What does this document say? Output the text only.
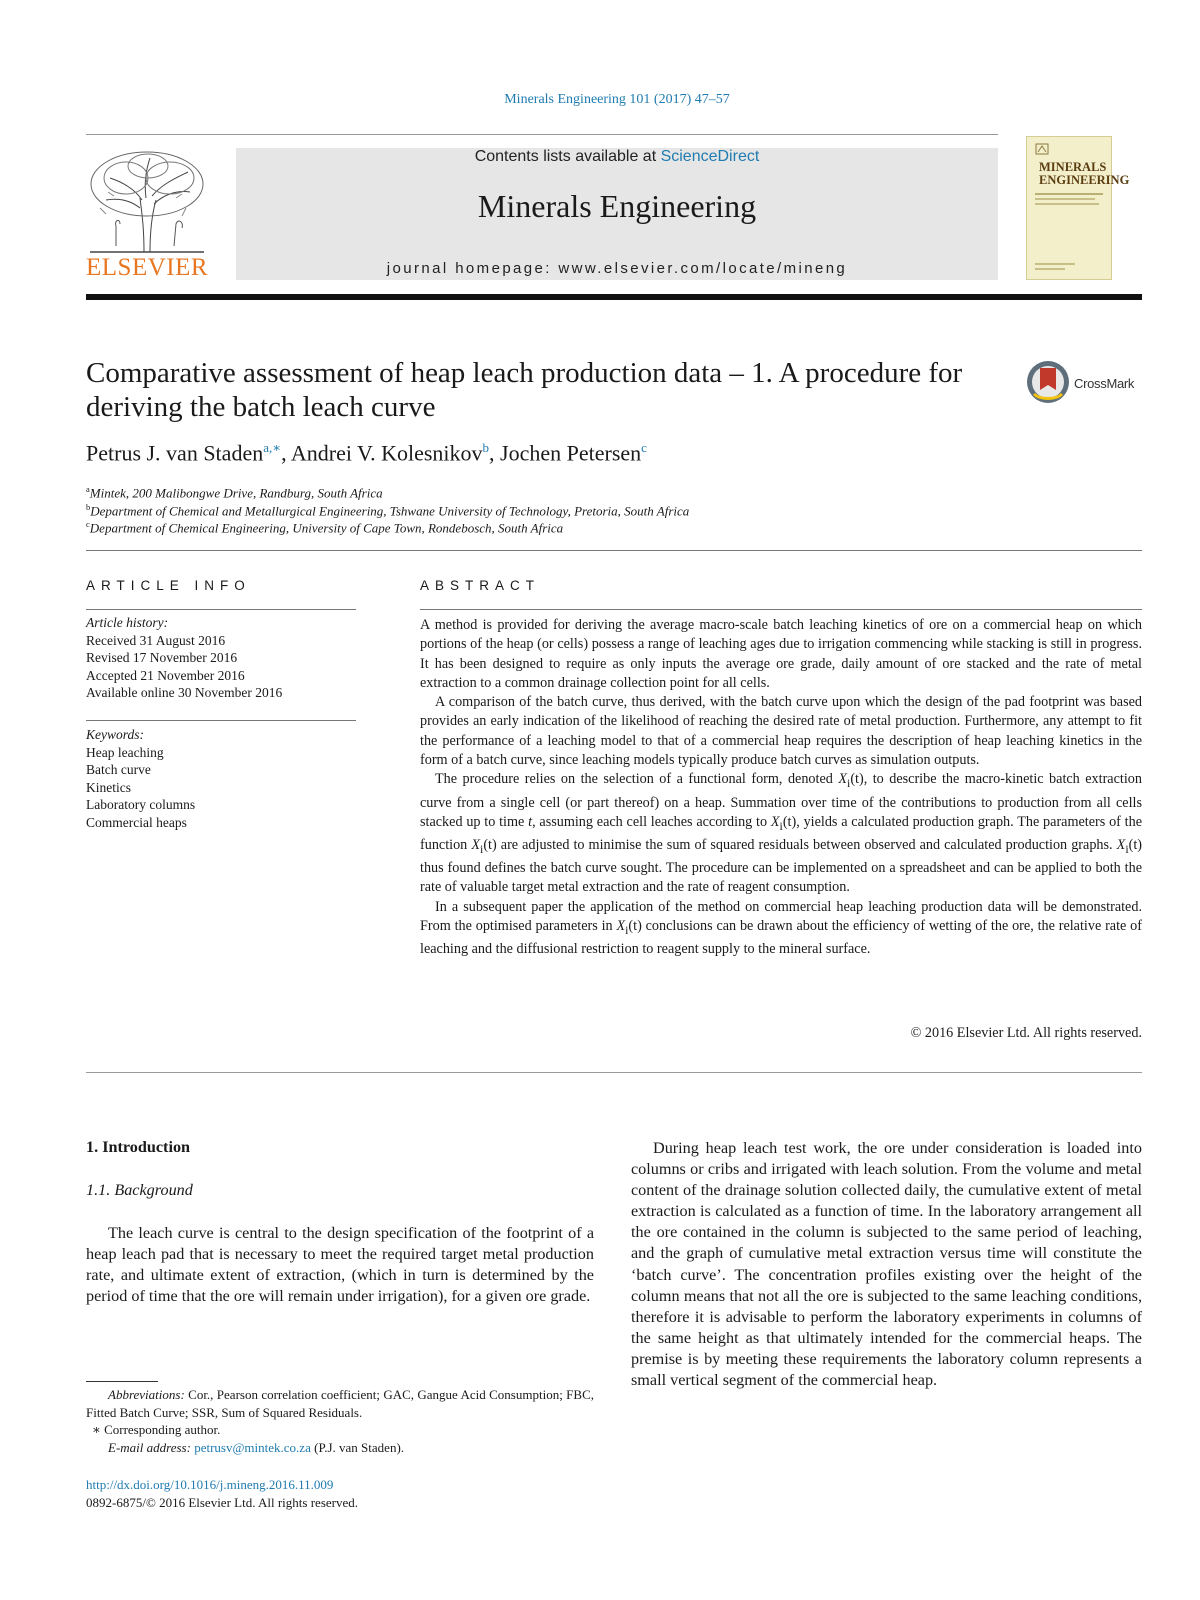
Minerals Engineering 101 (2017) 47–57
ELSEVIER
Contents lists available at ScienceDirect
Minerals Engineering
journal homepage: www.elsevier.com/locate/mineng
MINERALS
ENGINEERING
Comparative assessment of heap leach production data – 1. A procedure for deriving the batch leach curve
CrossMark
Petrus J. van Staden$^{a,∗}$, Andrei V. Kolesnikov$^b$, Jochen Petersen$^c$
$^a$Mintek, 200 Malibongwe Drive, Randburg, South Africa
$^b$Department of Chemical and Metallurgical Engineering, Tshwane University of Technology, Pretoria, South Africa
$^c$Department of Chemical Engineering, University of Cape Town, Rondebosch, South Africa
ARTICLE INFO
Article history:
Received 31 August 2016
Revised 17 November 2016
Accepted 21 November 2016
Available online 30 November 2016
Keywords:
Heap leaching
Batch curve
Kinetics
Laboratory columns
Commercial heaps
ABSTRACT

A method is provided for deriving the average macro-scale batch leaching kinetics of ore on a commercial heap on which portions of the heap (or cells) possess a range of leaching ages due to irrigation commencing while stacking is still in progress. It has been designed to require as only inputs the average ore grade, daily amount of ore stacked and the rate of metal extraction to a common drainage collection point for all cells.

A comparison of the batch curve, thus derived, with the batch curve upon which the design of the pad footprint was based provides an early indication of the likelihood of reaching the desired rate of metal production. Furthermore, any attempt to fit the performance of a leaching model to that of a commercial heap requires the description of heap leaching kinetics in the form of a batch curve, since leaching models typically produce batch curves as simulation outputs.

The procedure relies on the selection of a functional form, denoted $X_i(t)$, to describe the macro-kinetic batch extraction curve from a single cell (or part thereof) on a heap. Summation over time of the contributions to production from all cells stacked up to time t, assuming each cell leaches according to $X_i(t)$, yields a calculated production graph. The parameters of the function $X_i(t)$ are adjusted to minimise the sum of squared residuals between observed and calculated production graphs. $X_i(t)$ thus found defines the batch curve sought. The procedure can be implemented on a spreadsheet and can be applied to both the rate of valuable target metal extraction and the rate of reagent consumption.

In a subsequent paper the application of the method on commercial heap leaching production data will be demonstrated. From the optimised parameters in $X_i(t)$ conclusions can be drawn about the efficiency of wetting of the ore, the relative rate of leaching and the diffusional restriction to reagent supply to the mineral surface.

© 2016 Elsevier Ltd. All rights reserved.
1. Introduction
1.1. Background

The leach curve is central to the design specification of the footprint of a heap leach pad that is necessary to meet the required target metal production rate, and ultimate extent of extraction, (which in turn is determined by the period of time that the ore will remain under irrigation), for a given ore grade.

During heap leach test work, the ore under consideration is loaded into columns or cribs and irrigated with leach solution. From the volume and metal content of the drainage solution collected daily, the cumulative extent of metal extraction is calculated as a function of time. In the laboratory arrangement all the ore contained in the column is subjected to the same period of leaching, and the graph of cumulative metal extraction versus time will constitute the ‘batch curve’. The concentration profiles existing over the height of the column means that not all the ore is subjected to the same leaching conditions, therefore it is advisable to perform the laboratory experiments in columns of the same height as that ultimately intended for the commercial heaps. The premise is by meeting these requirements the laboratory column represents a small vertical segment of the commercial heap.

Abbreviations: Cor., Pearson correlation coefficient; GAC, Gangue Acid Consumption; FBC, Fitted Batch Curve; SSR, Sum of Squared Residuals.

∗ Corresponding author.

E-mail address: petrusv@mintek.co.za (P.J. van Staden).

http://dx.doi.org/10.1016/j.mineng.2016.11.009
0892-6875/© 2016 Elsevier Ltd. All rights reserved.
